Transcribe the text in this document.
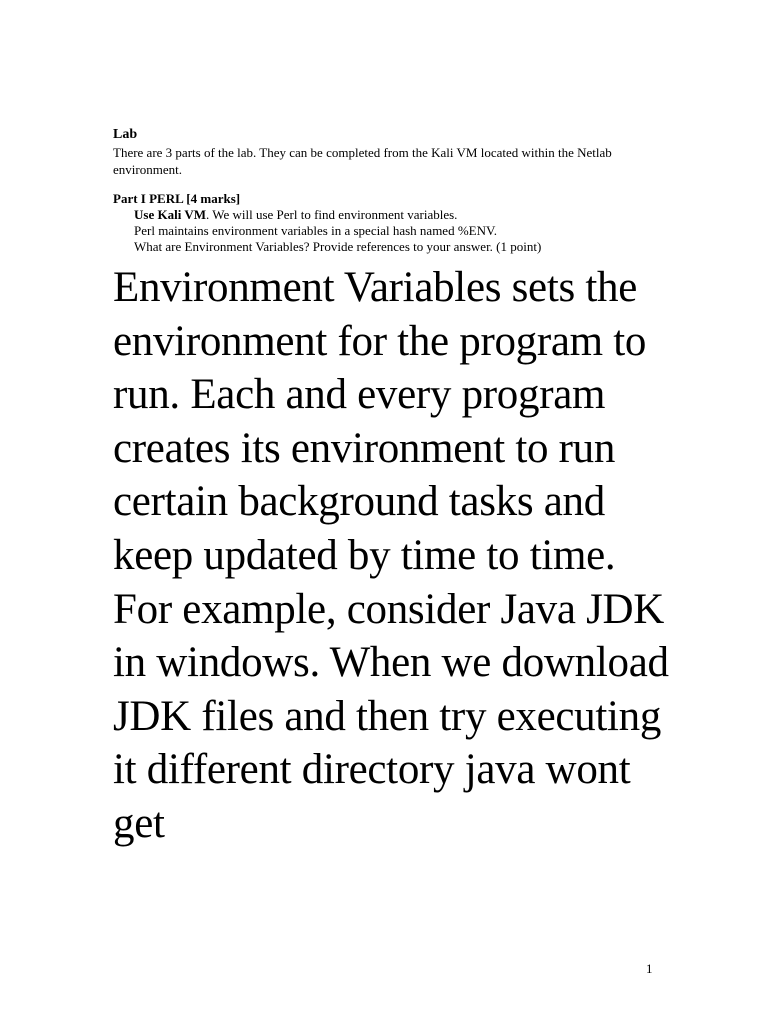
Lab

There are 3 parts of the lab. They can be completed from the Kali VM located within the Netlab environment.

Part I PERL [4 marks]

Use Kali VM. We will use Perl to find environment variables.

Perl maintains environment variables in a special hash named %ENV.

What are Environment Variables? Provide references to your answer. (1 point)

Environment Variables sets the environment for the program to run. Each and every program creates its environment to run certain background tasks and keep updated by time to time. For example, consider Java JDK in windows. When we download JDK files and then try executing it different directory java wont get
1
